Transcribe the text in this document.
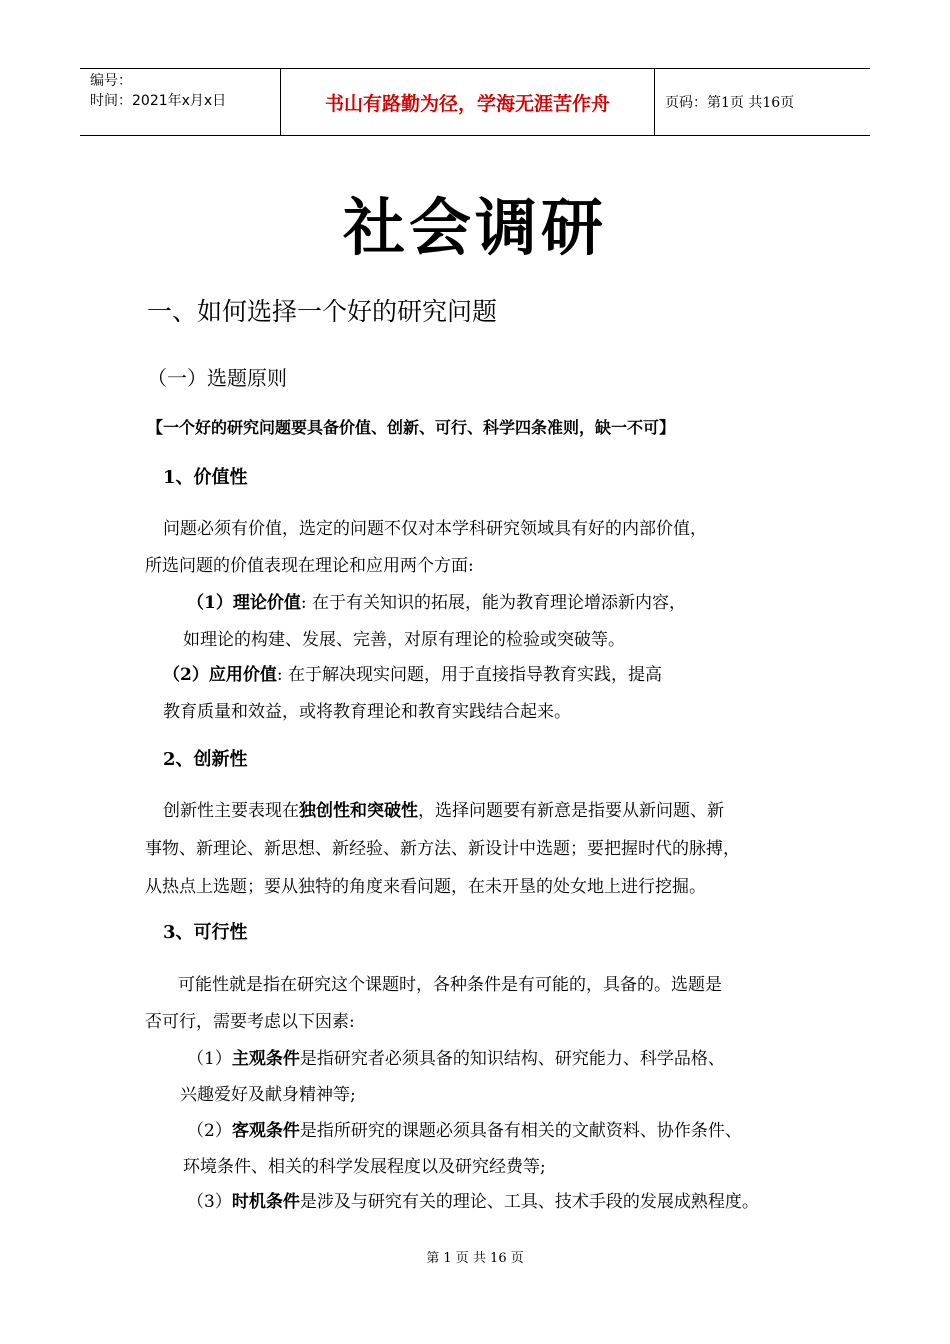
编号：
时间：2021年x月x日	书山有路勤为径，学海无涯苦作舟	页码：第1页 共16页
社会调研
一、如何选择一个好的研究问题
（一）选题原则
【一个好的研究问题要具备价值、创新、可行、科学四条准则，缺一不可】
1、价值性
问题必须有价值，选定的问题不仅对本学科研究领域具有好的内部价值，
所选问题的价值表现在理论和应用两个方面:
（1）理论价值: 在于有关知识的拓展，能为教育理论增添新内容，
如理论的构建、发展、完善，对原有理论的检验或突破等。
（2）应用价值: 在于解决现实问题，用于直接指导教育实践，提高
教育质量和效益，或将教育理论和教育实践结合起来。
2、创新性
创新性主要表现在独创性和突破性，选择问题要有新意是指要从新问题、新
事物、新理论、新思想、新经验、新方法、新设计中选题；要把握时代的脉搏，
从热点上选题；要从独特的角度来看问题，在未开垦的处女地上进行挖掘。
3、可行性
可能性就是指在研究这个课题时，各种条件是有可能的，具备的。选题是
否可行，需要考虑以下因素:
（1）主观条件是指研究者必须具备的知识结构、研究能力、科学品格、
兴趣爱好及献身精神等;
（2）客观条件是指所研究的课题必须具备有相关的文献资料、协作条件、
环境条件、相关的科学发展程度以及研究经费等;
（3）时机条件是涉及与研究有关的理论、工具、技术手段的发展成熟程度。
第 1 页 共 16 页
